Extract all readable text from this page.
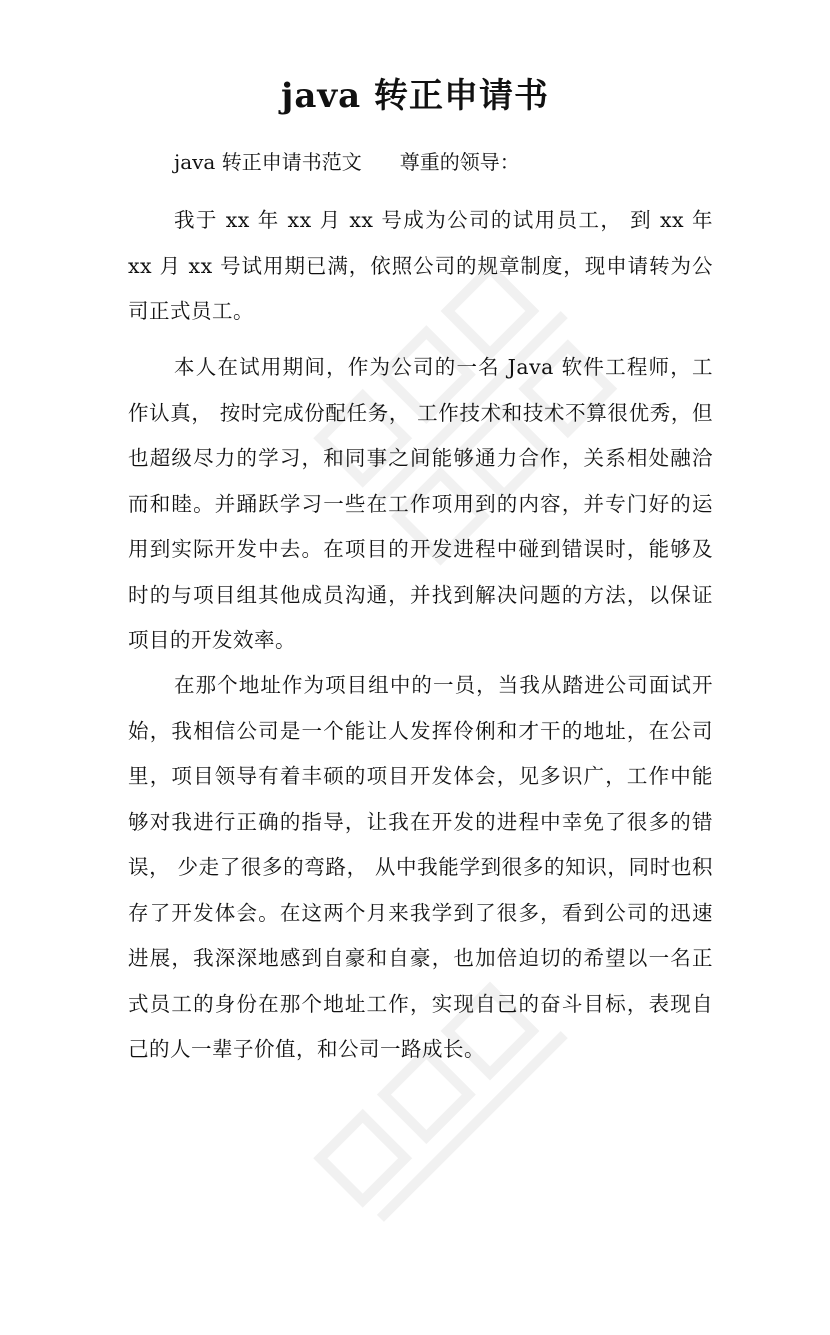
java 转正申请书

java 转正申请书范文 尊重的领导：

我于 xx 年 xx 月 xx 号成为公司的试用员工， 到 xx 年 xx 月 xx 号试用期已满，依照公司的规章制度，现申请转为公司正式员工。

本人在试用期间，作为公司的一名 Java 软件工程师，工作认真， 按时完成份配任务， 工作技术和技术不算很优秀，但也超级尽力的学习，和同事之间能够通力合作，关系相处融洽而和睦。并踊跃学习一些在工作项用到的内容，并专门好的运用到实际开发中去。在项目的开发进程中碰到错误时，能够及时的与项目组其他成员沟通，并找到解决问题的方法，以保证项目的开发效率。

在那个地址作为项目组中的一员，当我从踏进公司面试开始，我相信公司是一个能让人发挥伶俐和才干的地址，在公司里，项目领导有着丰硕的项目开发体会，见多识广，工作中能够对我进行正确的指导，让我在开发的进程中幸免了很多的错误， 少走了很多的弯路， 从中我能学到很多的知识，同时也积存了开发体会。在这两个月来我学到了很多，看到公司的迅速进展，我深深地感到自豪和自豪，也加倍迫切的希望以一名正式员工的身份在那个地址工作，实现自己的奋斗目标，表现自己的人一辈子价值，和公司一路成长。
